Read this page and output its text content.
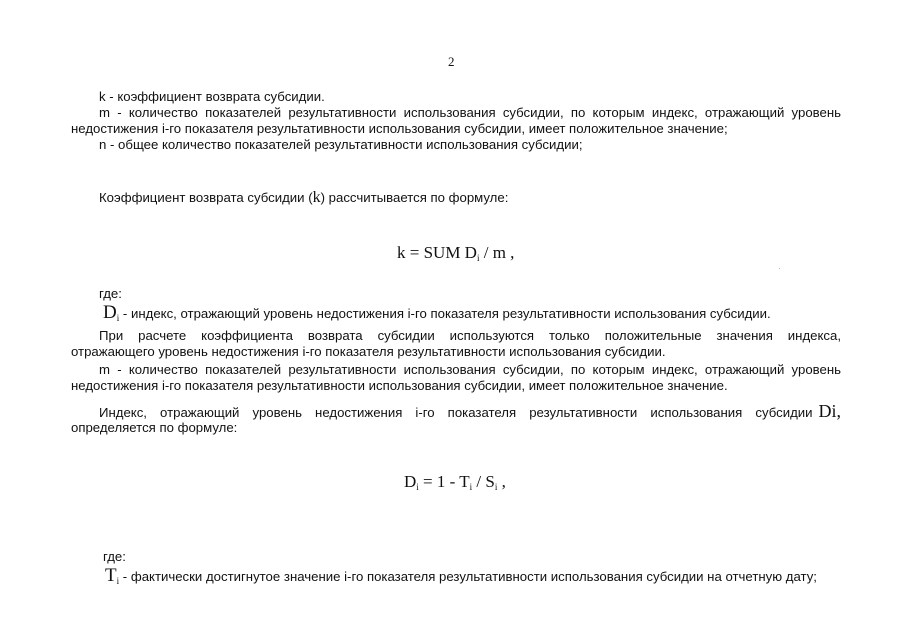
2
k - коэффициент возврата субсидии.
m - количество показателей результативности использования субсидии, по которым индекс, отражающий уровень
недостижения i-го показателя результативности использования субсидии, имеет положительное значение;
n - общее количество показателей результативности использования субсидии;
Коэффициент возврата субсидии (k) рассчитывается по формуле:
k = SUM $D_i$ / m ,
где:
$D_i$ - индекс, отражающий уровень недостижения i-го показателя результативности использования субсидии.
При расчете коэффициента возврата субсидии используются только положительные значения индекса,
отражающего уровень недостижения i-го показателя результативности использования субсидии.
m - количество показателей результативности использования субсидии, по которым индекс, отражающий уровень
недостижения i-го показателя результативности использования субсидии, имеет положительное значение.
Индекс, отражающий уровень недостижения i-го показателя результативности использования субсидии Di,
определяется по формуле:
$D_i = 1 - T_i / S_i$ ,
где:
$T_i$ - фактически достигнутое значение i-го показателя результативности использования субсидии на отчетную дату;
